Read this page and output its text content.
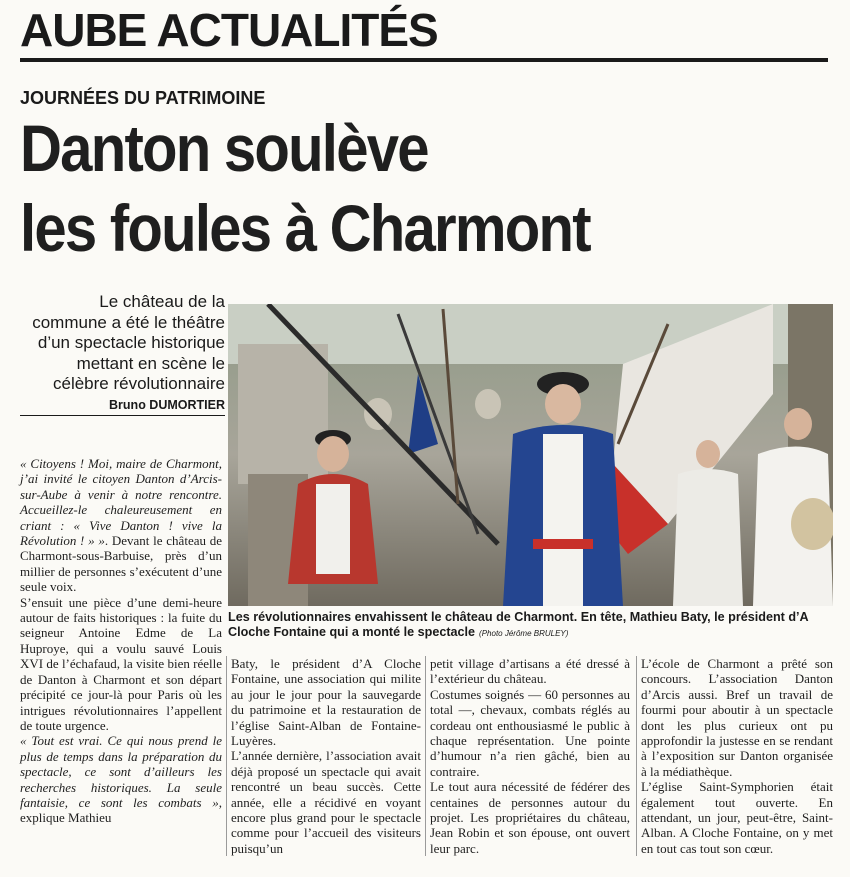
AUBE ACTUALITÉS
JOURNÉES DU PATRIMOINE
Danton soulève
les foules à Charmont
Le château de la commune a été le théâtre d’un spectacle historique mettant en scène le célèbre révolutionnaire
Bruno DUMORTIER
Les révolutionnaires envahissent le château de Charmont. En tête, Mathieu Baty, le président d’A Cloche Fontaine qui a monté le spectacle (Photo Jérôme BRULEY)

« Citoyens ! Moi, maire de Charmont, j’ai invité le citoyen Danton d’Arcis-sur-Aube à venir à notre rencontre. Accueillez-le chaleureusement en criant : « Vive Danton ! vive la Révolution ! » ». Devant le château de Charmont-sous-Barbuise, près d’un millier de personnes s’exécutent d’une seule voix.

S’ensuit une pièce d’une demi-heure autour de faits historiques : la fuite du seigneur Antoine Edme de La Huproye, qui a voulu sauvé Louis XVI de l’échafaud, la visite bien réelle de Danton à Charmont et son départ précipité ce jour-là pour Paris où les intrigues révolutionnaires l’appellent de toute urgence.

« Tout est vrai. Ce qui nous prend le plus de temps dans la préparation du spectacle, ce sont d’ailleurs les recherches historiques. La seule fantaisie, ce sont les combats », explique Mathieu

Baty, le président d’A Cloche Fontaine, une association qui milite au jour le jour pour la sauvegarde du patrimoine et la restauration de l’église Saint-Alban de Fontaine-Luyères.

L’année dernière, l’association avait déjà proposé un spectacle qui avait rencontré un beau succès. Cette année, elle a récidivé en voyant encore plus grand pour le spectacle comme pour l’accueil des visiteurs puisqu’un

petit village d’artisans a été dressé à l’extérieur du château.

Costumes soignés — 60 personnes au total —, chevaux, combats réglés au cordeau ont enthousiasmé le public à chaque représentation. Une pointe d’humour n’a rien gâché, bien au contraire.

Le tout aura nécessité de fédérer des centaines de personnes autour du projet. Les propriétaires du château, Jean Robin et son épouse, ont ouvert leur parc.

L’école de Charmont a prêté son concours. L’association Danton d’Arcis aussi. Bref un travail de fourmi pour aboutir à un spectacle dont les plus curieux ont pu approfondir la justesse en se rendant à l’exposition sur Danton organisée à la médiathèque.

L’église Saint-Symphorien était également tout ouverte. En attendant, un jour, peut-être, Saint-Alban. A Cloche Fontaine, on y met en tout cas tout son cœur.
